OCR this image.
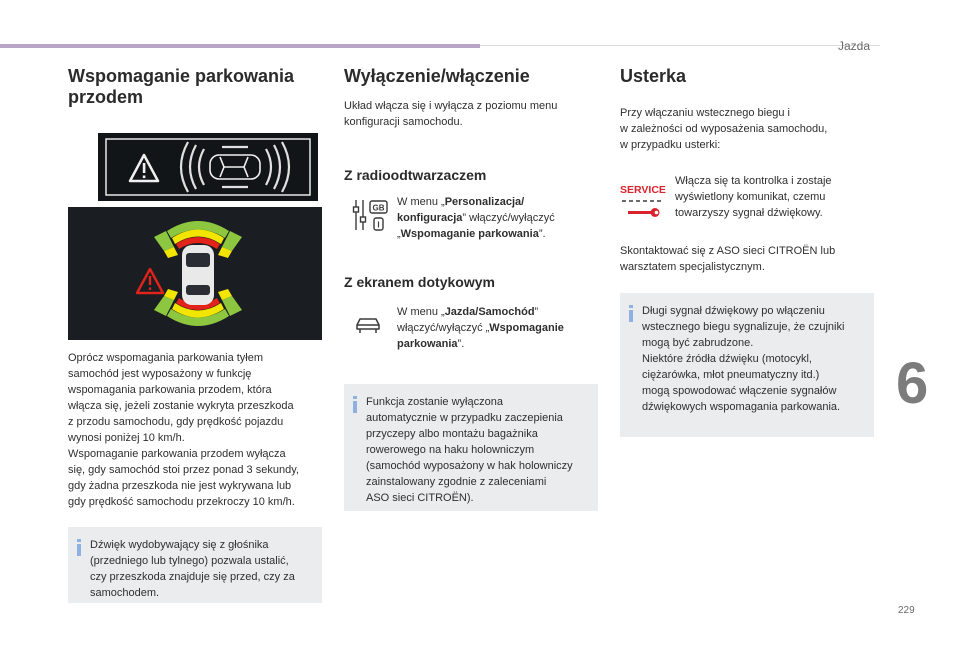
Jazda
6
229
Wspomaganie parkowania
przodem

Oprócz wspomagania parkowania tyłem

samochód jest wyposażony w funkcję

wspomagania parkowania przodem, która

włącza się, jeżeli zostanie wykryta przeszkoda

z przodu samochodu, gdy prędkość pojazdu

wynosi poniżej 10 km/h.

Wspomaganie parkowania przodem wyłącza

się, gdy samochód stoi przez ponad 3 sekundy,

gdy żadna przeszkoda nie jest wykrywana lub

gdy prędkość samochodu przekroczy 10 km/h.

Dźwięk wydobywający się z głośnika

(przedniego lub tylnego) pozwala ustalić,

czy przeszkoda znajduje się przed, czy za

samochodem.

Wyłączenie/włączenie

Układ włącza się i wyłącza z poziomu menu

konfiguracji samochodu.

Z radioodtwarzaczem
GB
I

W menu „Personalizacja/

konfiguracja” włączyć/wyłączyć

„Wspomaganie parkowania”.

Z ekranem dotykowym

W menu „Jazda/Samochód”

włączyć/wyłączyć „Wspomaganie

parkowania”.

Funkcja zostanie wyłączona

automatycznie w przypadku zaczepienia

przyczepy albo montażu bagażnika

rowerowego na haku holowniczym

(samochód wyposażony w hak holowniczy

zainstalowany zgodnie z zaleceniami

ASO sieci CITROËN).

Usterka

Przy włączaniu wstecznego biegu i

w zależności od wyposażenia samochodu,

w przypadku usterki:

SERVICE

Włącza się ta kontrolka i zostaje

wyświetlony komunikat, czemu

towarzyszy sygnał dźwiękowy.

Skontaktować się z ASO sieci CITROËN lub

warsztatem specjalistycznym.

Długi sygnał dźwiękowy po włączeniu

wstecznego biegu sygnalizuje, że czujniki

mogą być zabrudzone.

Niektóre źródła dźwięku (motocykl,

ciężarówka, młot pneumatyczny itd.)

mogą spowodować włączenie sygnałów

dźwiękowych wspomagania parkowania.
